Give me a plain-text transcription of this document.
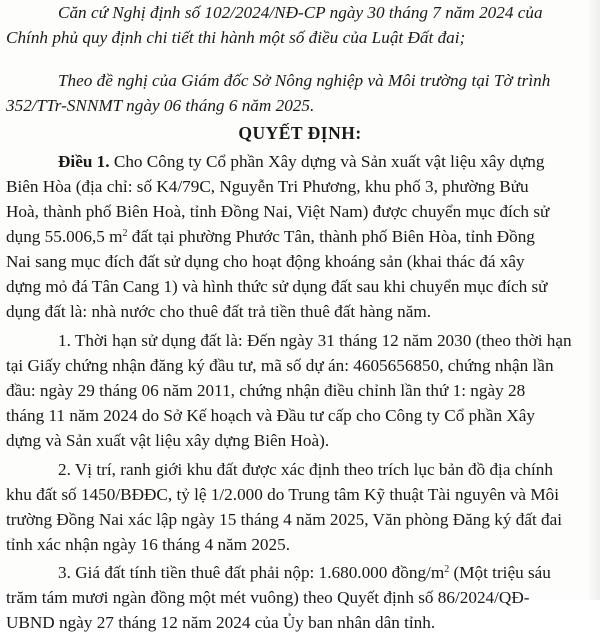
Căn cứ Nghị định số 102/2024/NĐ-CP ngày 30 tháng 7 năm 2024 của
Chính phủ quy định chi tiết thi hành một số điều của Luật Đất đai;
Theo đề nghị của Giám đốc Sở Nông nghiệp và Môi trường tại Tờ trình
352/TTr-SNNMT ngày 06 tháng 6 năm 2025.
QUYẾT ĐỊNH:
Điều 1. Cho Công ty Cổ phần Xây dựng và Sản xuất vật liệu xây dựng
Biên Hòa (địa chỉ: số K4/79C, Nguyễn Tri Phương, khu phố 3, phường Bửu
Hoà, thành phố Biên Hoà, tỉnh Đồng Nai, Việt Nam) được chuyển mục đích sử
dụng 55.006,5 $m^2$ đất tại phường Phước Tân, thành phố Biên Hòa, tỉnh Đồng
Nai sang mục đích đất sử dụng cho hoạt động khoáng sản (khai thác đá xây
dựng mỏ đá Tân Cang 1) và hình thức sử dụng đất sau khi chuyển mục đích sử
dụng đất là: nhà nước cho thuê đất trả tiền thuê đất hàng năm.
1. Thời hạn sử dụng đất là: Đến ngày 31 tháng 12 năm 2030 (theo thời hạn
tại Giấy chứng nhận đăng ký đầu tư, mã số dự án: 4605656850, chứng nhận lần
đầu: ngày 29 tháng 06 năm 2011, chứng nhận điều chỉnh lần thứ 1: ngày 28
tháng 11 năm 2024 do Sở Kế hoạch và Đầu tư cấp cho Công ty Cổ phần Xây
dựng và Sản xuất vật liệu xây dựng Biên Hoà).
2. Vị trí, ranh giới khu đất được xác định theo trích lục bản đồ địa chính
khu đất số 1450/BĐĐC, tỷ lệ 1/2.000 do Trung tâm Kỹ thuật Tài nguyên và Môi
trường Đồng Nai xác lập ngày 15 tháng 4 năm 2025, Văn phòng Đăng ký đất đai
tỉnh xác nhận ngày 16 tháng 4 năm 2025.
3. Giá đất tính tiền thuê đất phải nộp: 1.680.000 đồng/$m^2$ (Một triệu sáu
trăm tám mươi ngàn đồng một mét vuông) theo Quyết định số 86/2024/QĐ-
UBND ngày 27 tháng 12 năm 2024 của Ủy ban nhân dân tỉnh.
